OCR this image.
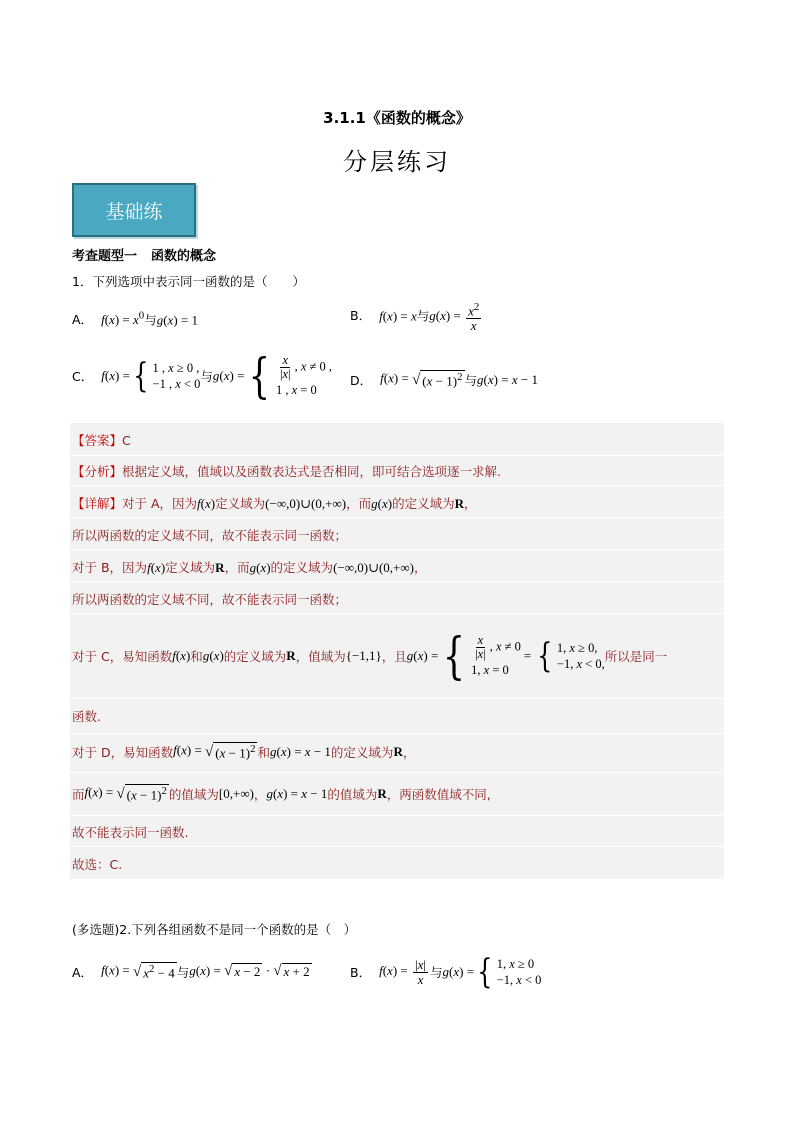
3.1.1《函数的概念》
分层练习
基础练
考查题型一 函数的概念
1．下列选项中表示同一函数的是（　　）
A． $f(x) = x^0$与g(x) = 1	B． f(x) = x与$g(x) = \frac{x^2}{x}$
C． f(x) = { 1 , x ≥ 0 ,
−1 , x < 0 与 g(x) = { $\frac{x}{|x|}$ , x ≠ 0 ,
1 , x = 0
D． f(x) = √ $(x - 1)^2$ 与 g(x) = x − 1
【答案】C
【分析】根据定义域，值域以及函数表达式是否相同，即可结合选项逐一求解.
【详解】对于 A，因为f(x)定义域为(−∞,0)∪(0,+∞)，而g(x)的定义域为R，
所以两函数的定义域不同，故不能表示同一函数；
对于 B，因为f(x)定义域为R，而g(x)的定义域为(−∞,0)∪(0,+∞)，
所以两函数的定义域不同，故不能表示同一函数；
对于 C，易知函数 f(x) 和 g(x) 的定义域为 R ，值域为 {−1,1} ，且 g(x) = { $\frac{x}{|x|}$ , x ≠ 0
1, x = 0
= { 1, x ≥ 0,
−1, x < 0, 所以是同一
函数.
对于 D，易知函数 f(x) = √ $(x - 1)^2$ 和 g(x) = x − 1 的定义域为 R ，
而 f(x) = √ $(x - 1)^2$ 的值域为 [0,+∞) ， g(x) = x − 1 的值域为 R ，两函数值域不同,
故不能表示同一函数.
故选：C.
(多选题)2.下列各组函数不是同一个函数的是（　）
A． f(x) = √ $x^2 - 4$ 与 g(x) = √ x − 2 · √ x + 2	B． $f(x) = \frac{|x|}{x}$ 与 g(x) = { 1, x ≥ 0
−1, x < 0
